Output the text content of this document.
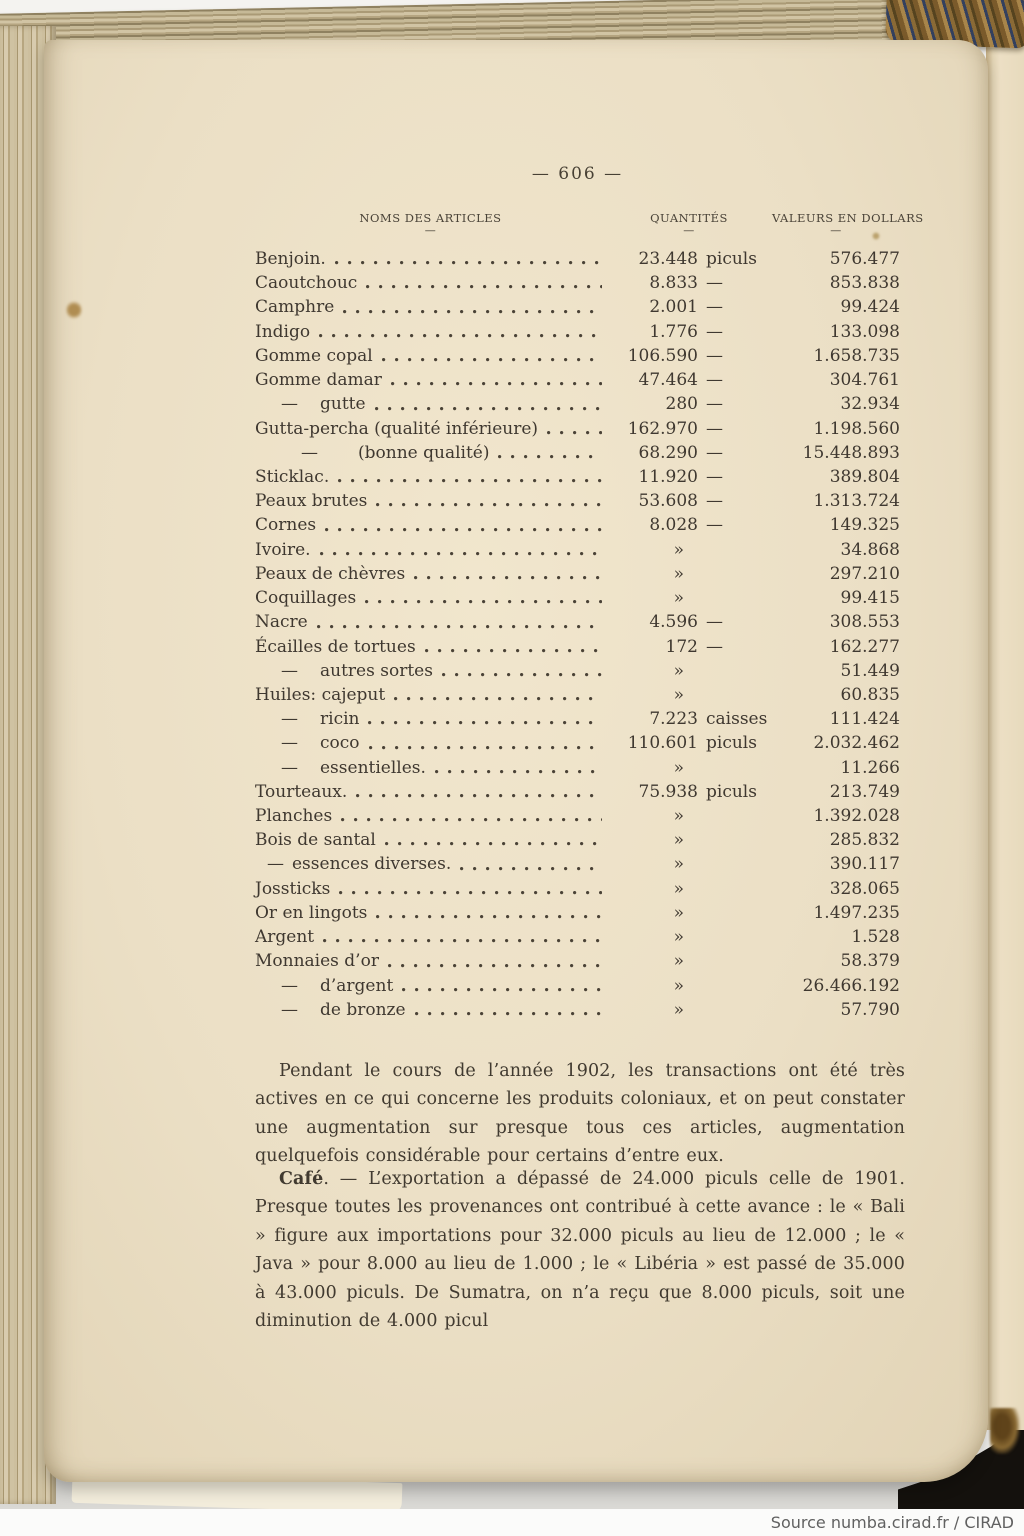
— 606 —
NOMS DES ARTICLES
—
QUANTITÉS
—
VALEURS EN DOLLARS
—
Benjoin.	23.448 piculs	576.477
Caoutchouc	8.833 —	853.838
Camphre	2.001 —	99.424
Indigo	1.776 —	133.098
Gomme copal	106.590 —	1.658.735
Gomme damar	47.464 —	304.761
— gutte	280 —	32.934
Gutta-percha (qualité inférieure)	162.970 —	1.198.560
— (bonne qualité)	68.290 —	15.448.893
Sticklac.	11.920 —	389.804
Peaux brutes	53.608 —	1.313.724
Cornes	8.028 —	149.325
Ivoire.	»	34.868
Peaux de chèvres	»	297.210
Coquillages	»	99.415
Nacre	4.596 —	308.553
Écailles de tortues	172 —	162.277
— autres sortes	»	51.449
Huiles: cajeput	»	60.835
— ricin	7.223 caisses	111.424
— coco	110.601 piculs	2.032.462
— essentielles.	»	11.266
Tourteaux.	75.938 piculs	213.749
Planches	»	1.392.028
Bois de santal	»	285.832
— essences diverses.	»	390.117
Jossticks	»	328.065
Or en lingots	»	1.497.235
Argent	»	1.528
Monnaies d’or	»	58.379
— d’argent	»	26.466.192
— de bronze	»	57.790

Pendant le cours de l’année 1902, les transactions ont été très actives en ce qui concerne les produits coloniaux, et on peut constater une augmentation sur presque tous ces articles, augmentation quelquefois considérable pour certains d’entre eux.

Café. — L’exportation a dépassé de 24.000 piculs celle de 1901. Presque toutes les provenances ont contribué à cette avance : le « Bali » figure aux importations pour 32.000 piculs au lieu de 12.000 ; le « Java » pour 8.000 au lieu de 1.000 ; le « Libéria » est passé de 35.000 à 43.000 piculs. De Sumatra, on n’a reçu que 8.000 piculs, soit une diminution de 4.000 picul

Source numba.cirad.fr / CIRAD
